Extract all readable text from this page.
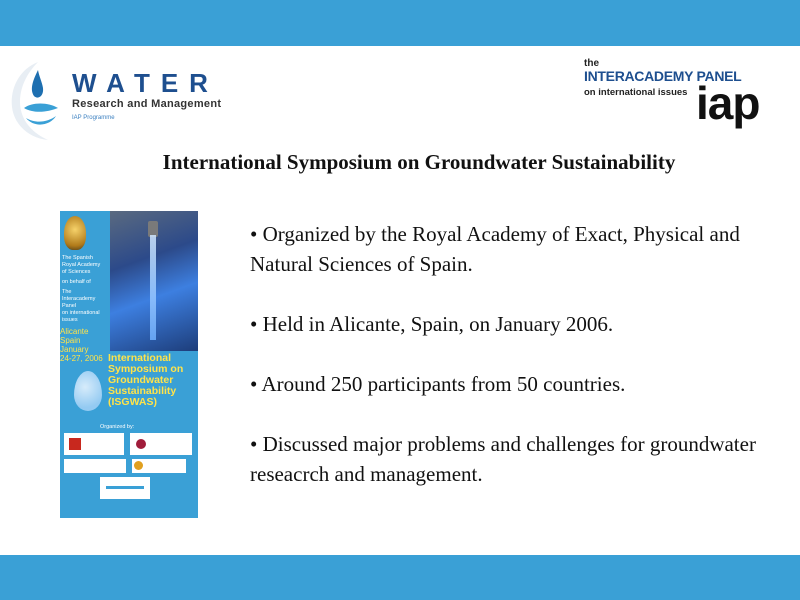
WATER
Research and Management
IAP Programme
the
INTERACADEMY PANEL
on international issues iap
International Symposium on Groundwater Sustainability
The Spanish
Royal Academy
of Sciences
on behalf of
The
Interacademy
Panel
on international
issues
Alicante
Spain
January
24-27, 2006 International
Symposium on
Groundwater
Sustainability
(ISGWAS)
Organized by:

• Organized by the Royal Academy of Exact, Physical and Natural Sciences of Spain.

• Held in Alicante, Spain, on January 2006.

• Around 250 participants from 50 countries.

• Discussed major problems and challenges for groundwater reseacrch and management.
